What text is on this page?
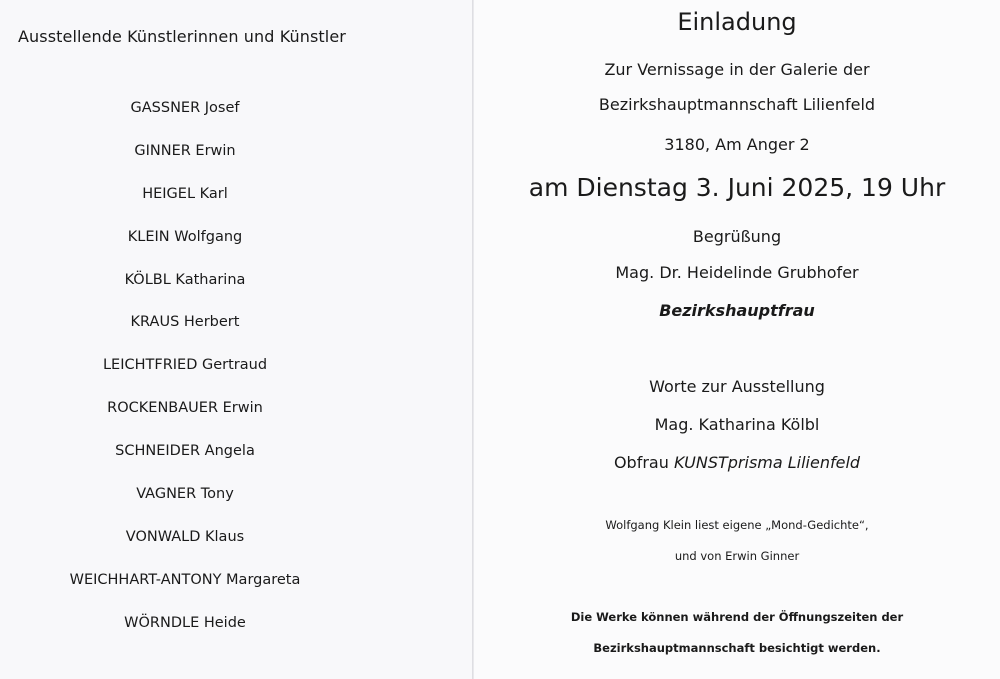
Ausstellende Künstlerinnen und Künstler
GASSNER Josef
GINNER Erwin
HEIGEL Karl
KLEIN Wolfgang
KÖLBL Katharina
KRAUS Herbert
LEICHTFRIED Gertraud
ROCKENBAUER Erwin
SCHNEIDER Angela
VAGNER Tony
VONWALD Klaus
WEICHHART-ANTONY Margareta
WÖRNDLE Heide
Einladung
Zur Vernissage in der Galerie der
Bezirkshauptmannschaft Lilienfeld
3180, Am Anger 2
am Dienstag 3. Juni 2025, 19 Uhr
Begrüßung
Mag. Dr. Heidelinde Grubhofer
Bezirkshauptfrau
Worte zur Ausstellung
Mag. Katharina Kölbl
Obfrau KUNSTprisma Lilienfeld
Wolfgang Klein liest eigene „Mond-Gedichte“,
und von Erwin Ginner
Die Werke können während der Öffnungszeiten der
Bezirkshauptmannschaft besichtigt werden.
